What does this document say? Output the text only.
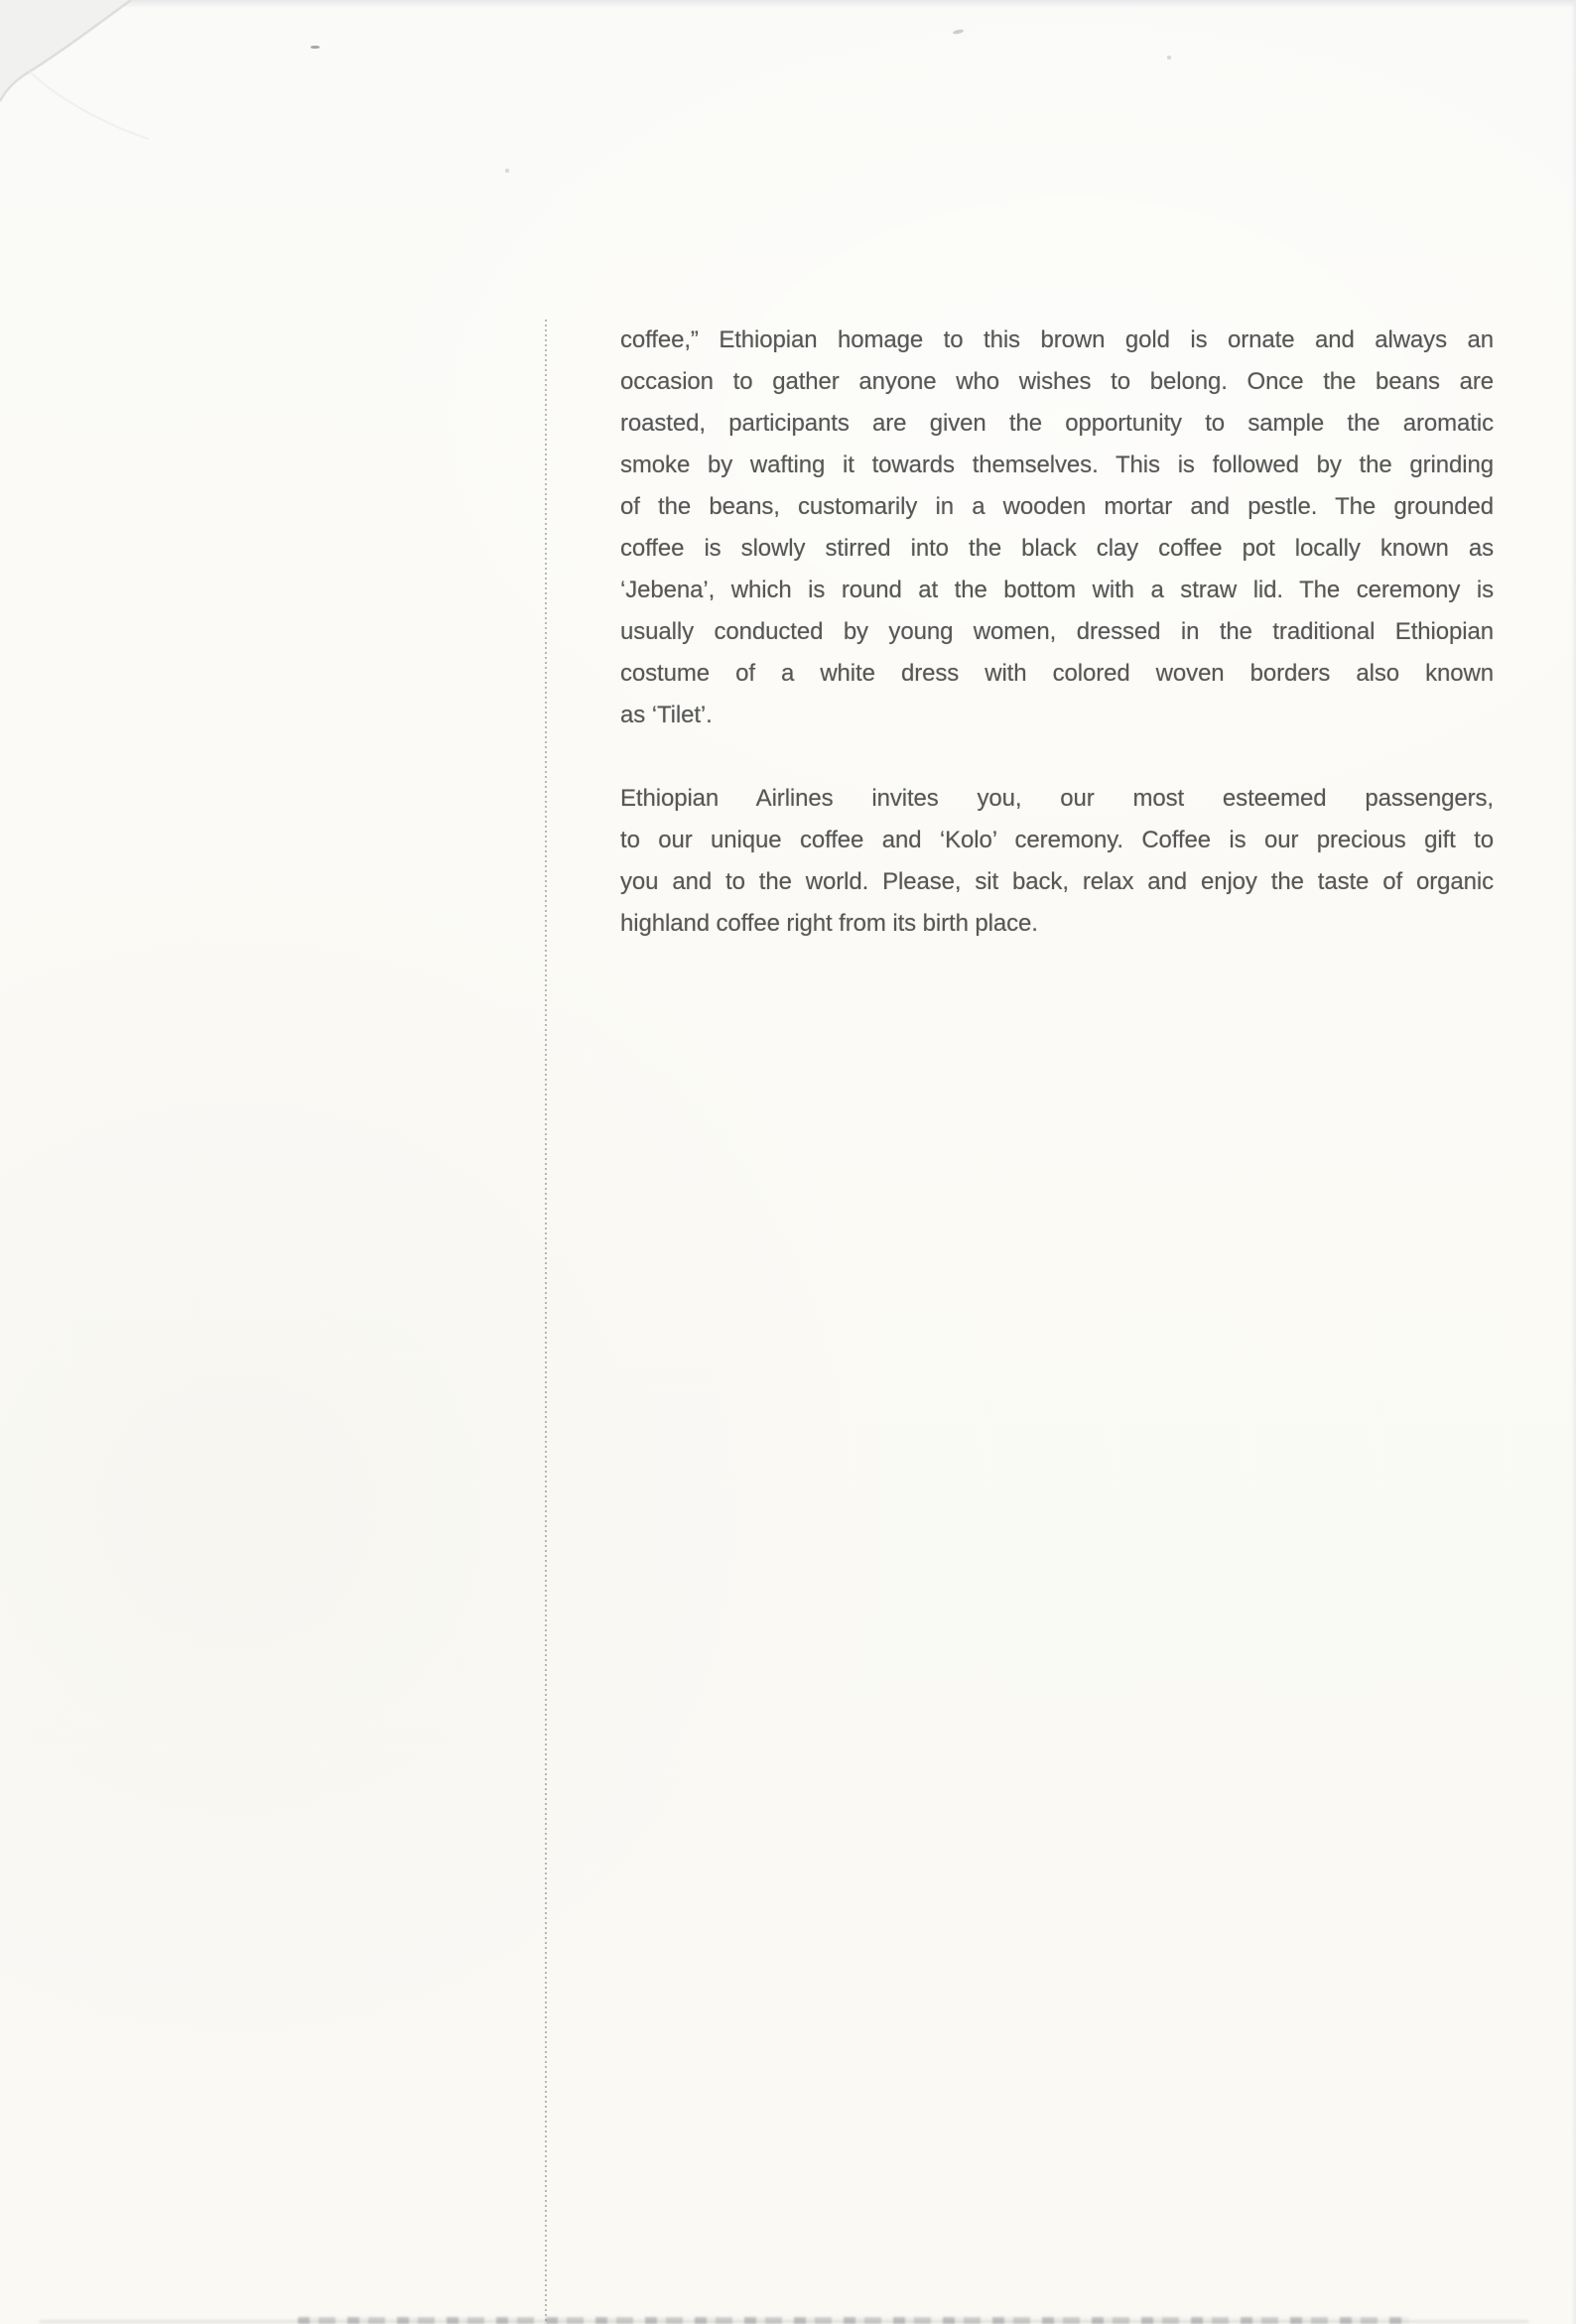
coffee,” Ethiopian homage to this brown gold is ornate and always an
occasion to gather anyone who wishes to belong. Once the beans are
roasted, participants are given the opportunity to sample the aromatic
smoke by wafting it towards themselves. This is followed by the grinding
of the beans, customarily in a wooden mortar and pestle. The grounded
coffee is slowly stirred into the black clay coffee pot locally known as
‘Jebena’, which is round at the bottom with a straw lid. The ceremony is
usually conducted by young women, dressed in the traditional Ethiopian
costume of a white dress with colored woven borders also known
as ‘Tilet’.
Ethiopian Airlines invites you, our most esteemed passengers,
to our unique coffee and ‘Kolo’ ceremony. Coffee is our precious gift to
you and to the world. Please, sit back, relax and enjoy the taste of organic
highland coffee right from its birth place.
